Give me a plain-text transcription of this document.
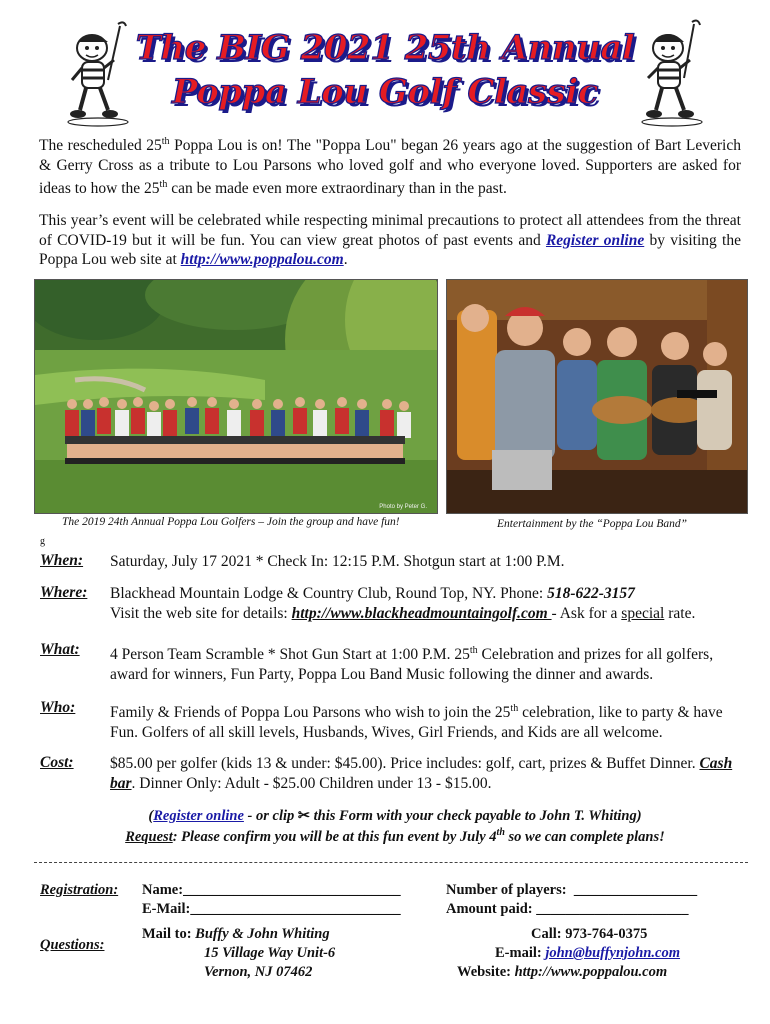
The BIG 2021 25th Annual
Poppa Lou Golf Classic
The rescheduled 25th Poppa Lou is on! The "Poppa Lou" began 26 years ago at the suggestion of Bart Leverich & Gerry Cross as a tribute to Lou Parsons who loved golf and who everyone loved. Supporters are asked for ideas to how the 25th can be made even more extraordinary than in the past.
This year’s event will be celebrated while respecting minimal precautions to protect all attendees from the threat of COVID-19 but it will be fun. You can view great photos of past events and Register online by visiting the Poppa Lou web site at http://www.poppalou.com.
Photo by Peter G.
The 2019 24th Annual Poppa Lou Golfers – Join the group and have fun!	Entertainment by the “Poppa Lou Band”
g
When: Saturday, July 17 2021 * Check In: 12:15 P.M. Shotgun start at 1:00 P.M.
Where: Blackhead Mountain Lodge & Country Club, Round Top, NY. Phone: 518-622-3157
Visit the web site for details: http://www.blackheadmountaingolf.com - Ask for a special rate.
What: 4 Person Team Scramble * Shot Gun Start at 1:00 P.M. 25th Celebration and prizes for all golfers, award for winners, Fun Party, Poppa Lou Band Music following the dinner and awards.
Who: Family & Friends of Poppa Lou Parsons who wish to join the 25th celebration, like to party & have Fun. Golfers of all skill levels, Husbands, Wives, Girl Friends, and Kids are all welcome.
Cost: $85.00 per golfer (kids 13 & under: $45.00). Price includes: golf, cart, prizes & Buffet Dinner. Cash bar. Dinner Only: Adult - $25.00 Children under 13 - $15.00.
(Register online - or clip ✂ this Form with your check payable to John T. Whiting)
Request: Please confirm you will be at this fun event by July 4th so we can complete plans!
Registration: Name:______________________________
E-Mail:_____________________________
Number of players: _________________
Amount paid: _____________________
Questions:
Mail to: Buffy & John Whiting
15 Village Way Unit-6
Vernon, NJ 07462
Call: 973-764-0375
E-mail: john@buffynjohn.com
Website: http://www.poppalou.com
